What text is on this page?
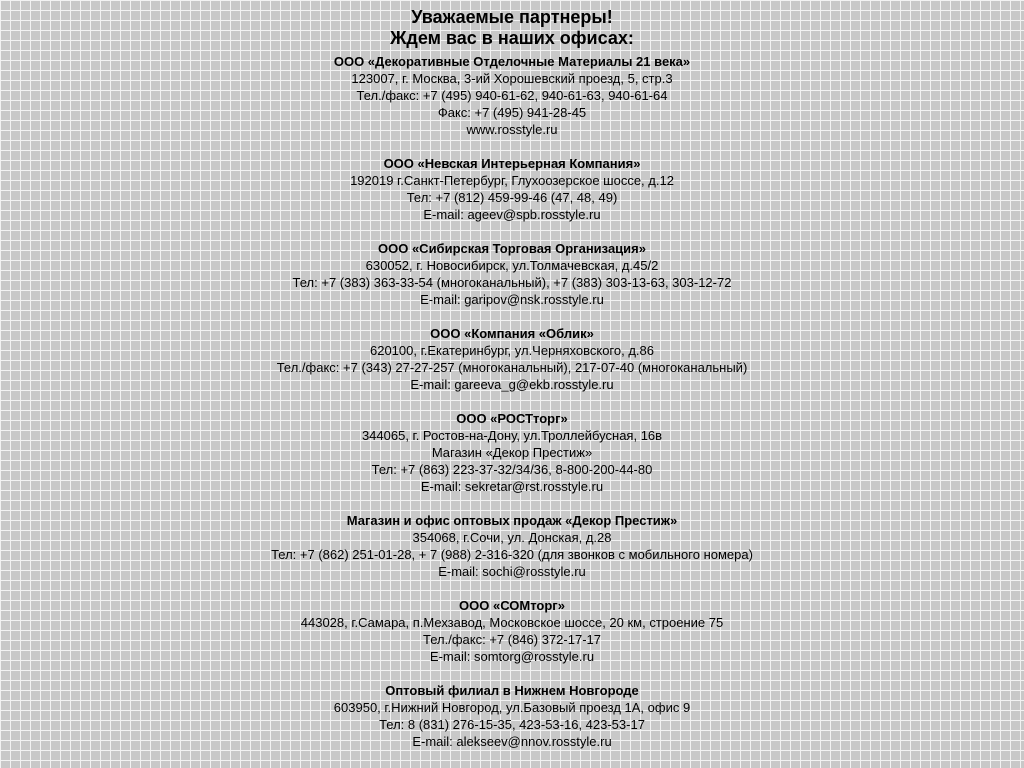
Уважаемые партнеры!
Ждем вас в наших офисах:
ООО «Декоративные Отделочные Материалы 21 века»
123007, г. Москва, 3-ий Хорошевский проезд, 5, стр.3
Тел./факс: +7 (495) 940-61-62, 940-61-63, 940-61-64
Факс: +7 (495) 941-28-45
www.rosstyle.ru
ООО «Невская Интерьерная Компания»
192019 г.Санкт-Петербург, Глухоозерское шоссе, д.12
Тел: +7 (812) 459-99-46 (47, 48, 49)
E-mail: ageev@spb.rosstyle.ru
ООО «Сибирская Торговая Организация»
630052, г. Новосибирск, ул.Толмачевская, д.45/2
Тел: +7 (383) 363-33-54 (многоканальный), +7 (383) 303-13-63, 303-12-72
E-mail: garipov@nsk.rosstyle.ru
ООО «Компания «Облик»
620100, г.Екатеринбург, ул.Черняховского, д.86
Тел./факс: +7 (343) 27-27-257 (многоканальный), 217-07-40 (многоканальный)
E-mail: gareeva_g@ekb.rosstyle.ru
ООО «РОСТторг»
344065, г. Ростов-на-Дону, ул.Троллейбусная, 16в
Магазин «Декор Престиж»
Тел: +7 (863) 223-37-32/34/36, 8-800-200-44-80
E-mail: sekretar@rst.rosstyle.ru
Магазин и офис оптовых продаж «Декор Престиж»
354068, г.Сочи, ул. Донская, д.28
Тел: +7 (862) 251-01-28, + 7 (988) 2-316-320 (для звонков с мобильного номера)
E-mail: sochi@rosstyle.ru
ООО «СОМторг»
443028, г.Самара, п.Мехзавод, Московское шоссе, 20 км, строение 75
Тел./факс: +7 (846) 372-17-17
E-mail: somtorg@rosstyle.ru
Оптовый филиал в Нижнем Новгороде
603950, г.Нижний Новгород, ул.Базовый проезд 1А, офис 9
Тел: 8 (831) 276-15-35, 423-53-16, 423-53-17
E-mail: alekseev@nnov.rosstyle.ru
